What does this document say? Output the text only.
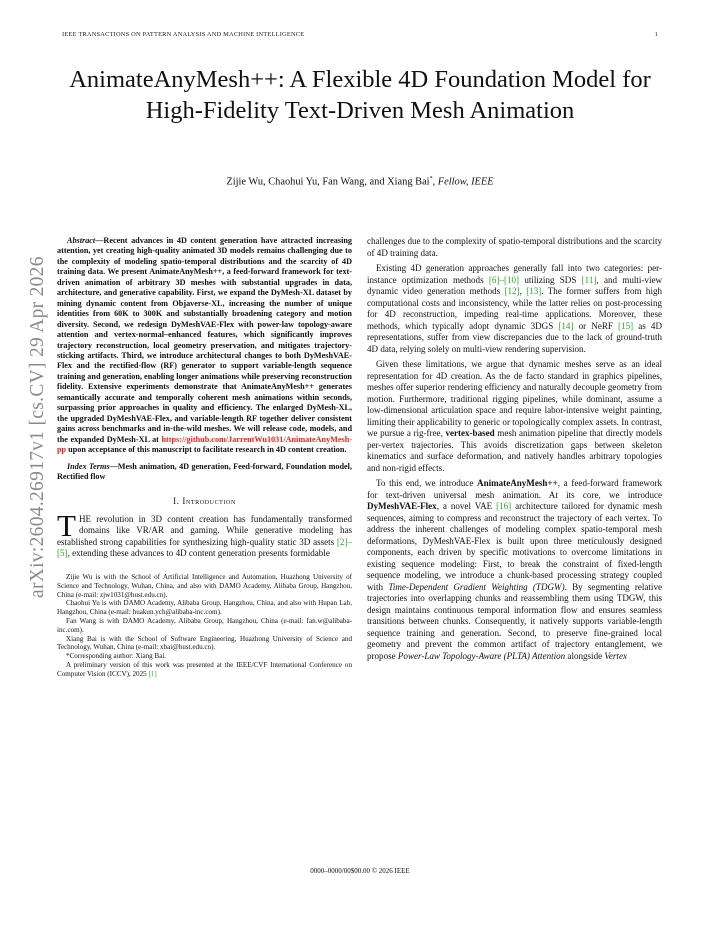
IEEE TRANSACTIONS ON PATTERN ANALYSIS AND MACHINE INTELLIGENCE	1
arXiv:2604.26917v1 [cs.CV] 29 Apr 2026
AnimateAnyMesh++: A Flexible 4D Foundation Model for High-Fidelity Text-Driven Mesh Animation
Zijie Wu, Chaohui Yu, Fan Wang, and Xiang Bai*, Fellow, IEEE

Abstract—Recent advances in 4D content generation have attracted increasing attention, yet creating high-quality animated 3D models remains challenging due to the complexity of modeling spatio-temporal distributions and the scarcity of 4D training data. We present AnimateAnyMesh++, a feed-forward framework for text-driven animation of arbitrary 3D meshes with substantial upgrades in data, architecture, and generative capability. First, we expand the DyMesh-XL dataset by mining dynamic content from Objaverse-XL, increasing the number of unique identities from 60K to 300K and substantially broadening category and motion diversity. Second, we redesign DyMeshVAE-Flex with power-law topology-aware attention and vertex-normal–enhanced features, which significantly improves trajectory reconstruction, local geometry preservation, and mitigates trajectory-sticking artifacts. Third, we introduce architectural changes to both DyMeshVAE-Flex and the rectified-flow (RF) generator to support variable-length sequence training and generation, enabling longer animations while preserving reconstruction fidelity. Extensive experiments demonstrate that AnimateAnyMesh++ generates semantically accurate and temporally coherent mesh animations within seconds, surpassing prior approaches in quality and efficiency. The enlarged DyMesh-XL, the upgraded DyMeshVAE-Flex, and variable-length RF together deliver consistent gains across benchmarks and in-the-wild meshes. We will release code, models, and the expanded DyMesh-XL at https://github.com/JarrentWu1031/AnimateAnyMesh-pp upon acceptance of this manuscript to facilitate research in 4D content creation.

Index Terms—Mesh animation, 4D generation, Feed-forward, Foundation model, Rectified flow

I. Introduction

THE revolution in 3D content creation has fundamentally transformed domains like VR/AR and gaming. While generative modeling has established strong capabilities for synthesizing high-quality static 3D assets [2]–[5], extending these advances to 4D content generation presents formidable

Zijie Wu is with the School of Artificial Intelligence and Automation, Huazhong University of Science and Technology, Wuhan, China, and also with DAMO Academy, Alibaba Group, Hangzhou, China (e-mail: zjw1031@hust.edu.cn).

Chaohui Yu is with DAMO Academy, Alibaba Group, Hangzhou, China, and also with Hupan Lab, Hangzhou, China (e-mail: huakun.ych@alibaba-inc.com).

Fan Wang is with DAMO Academy, Alibaba Group, Hangzhou, China (e-mail: fan.w@alibaba-inc.com).

Xiang Bai is with the School of Software Engineering, Huazhong University of Science and Technology, Wuhan, China (e-mail: xbai@hust.edu.cn).

*Corresponding author: Xiang Bai.

A preliminary version of this work was presented at the IEEE/CVF International Conference on Computer Vision (ICCV), 2025 [1]

challenges due to the complexity of spatio-temporal distributions and the scarcity of 4D training data.

Existing 4D generation approaches generally fall into two categories: per-instance optimization methods [6]–[10] utilizing SDS [11], and multi-view dynamic video generation methods [12], [13]. The former suffers from high computational costs and inconsistency, while the latter relies on post-processing for 4D reconstruction, impeding real-time applications. Moreover, these methods, which typically adopt dynamic 3DGS [14] or NeRF [15] as 4D representations, suffer from view discrepancies due to the lack of ground-truth 4D data, relying solely on multi-view rendering supervision.

Given these limitations, we argue that dynamic meshes serve as an ideal representation for 4D creation. As the de facto standard in graphics pipelines, meshes offer superior rendering efficiency and naturally decouple geometry from motion. Furthermore, traditional rigging pipelines, while dominant, assume a low-dimensional articulation space and require labor-intensive weight painting, limiting their applicability to generic or topologically complex assets. In contrast, we pursue a rig-free, vertex-based mesh animation pipeline that directly models per-vertex trajectories. This avoids discretization gaps between skeleton kinematics and surface deformation, and natively handles arbitrary topologies and non-rigid effects.

To this end, we introduce AnimateAnyMesh++, a feed-forward framework for text-driven universal mesh animation. At its core, we introduce DyMeshVAE-Flex, a novel VAE [16] architecture tailored for dynamic mesh sequences, aiming to compress and reconstruct the trajectory of each vertex. To address the inherent challenges of modeling complex spatio-temporal mesh deformations, DyMeshVAE-Flex is built upon three meticulously designed components, each driven by specific motivations to overcome limitations in existing sequence modeling: First, to break the constraint of fixed-length sequence modeling, we introduce a chunk-based processing strategy coupled with Time-Dependent Gradient Weighting (TDGW). By segmenting relative trajectories into overlapping chunks and reassembling them using TDGW, this design maintains continuous temporal information flow and ensures seamless transitions between chunks. Consequently, it natively supports variable-length sequence training and generation. Second, to preserve fine-grained local geometry and prevent the common artifact of trajectory entanglement, we propose Power-Law Topology-Aware (PLTA) Attention alongside Vertex

0000–0000/00$00.00 © 2026 IEEE
